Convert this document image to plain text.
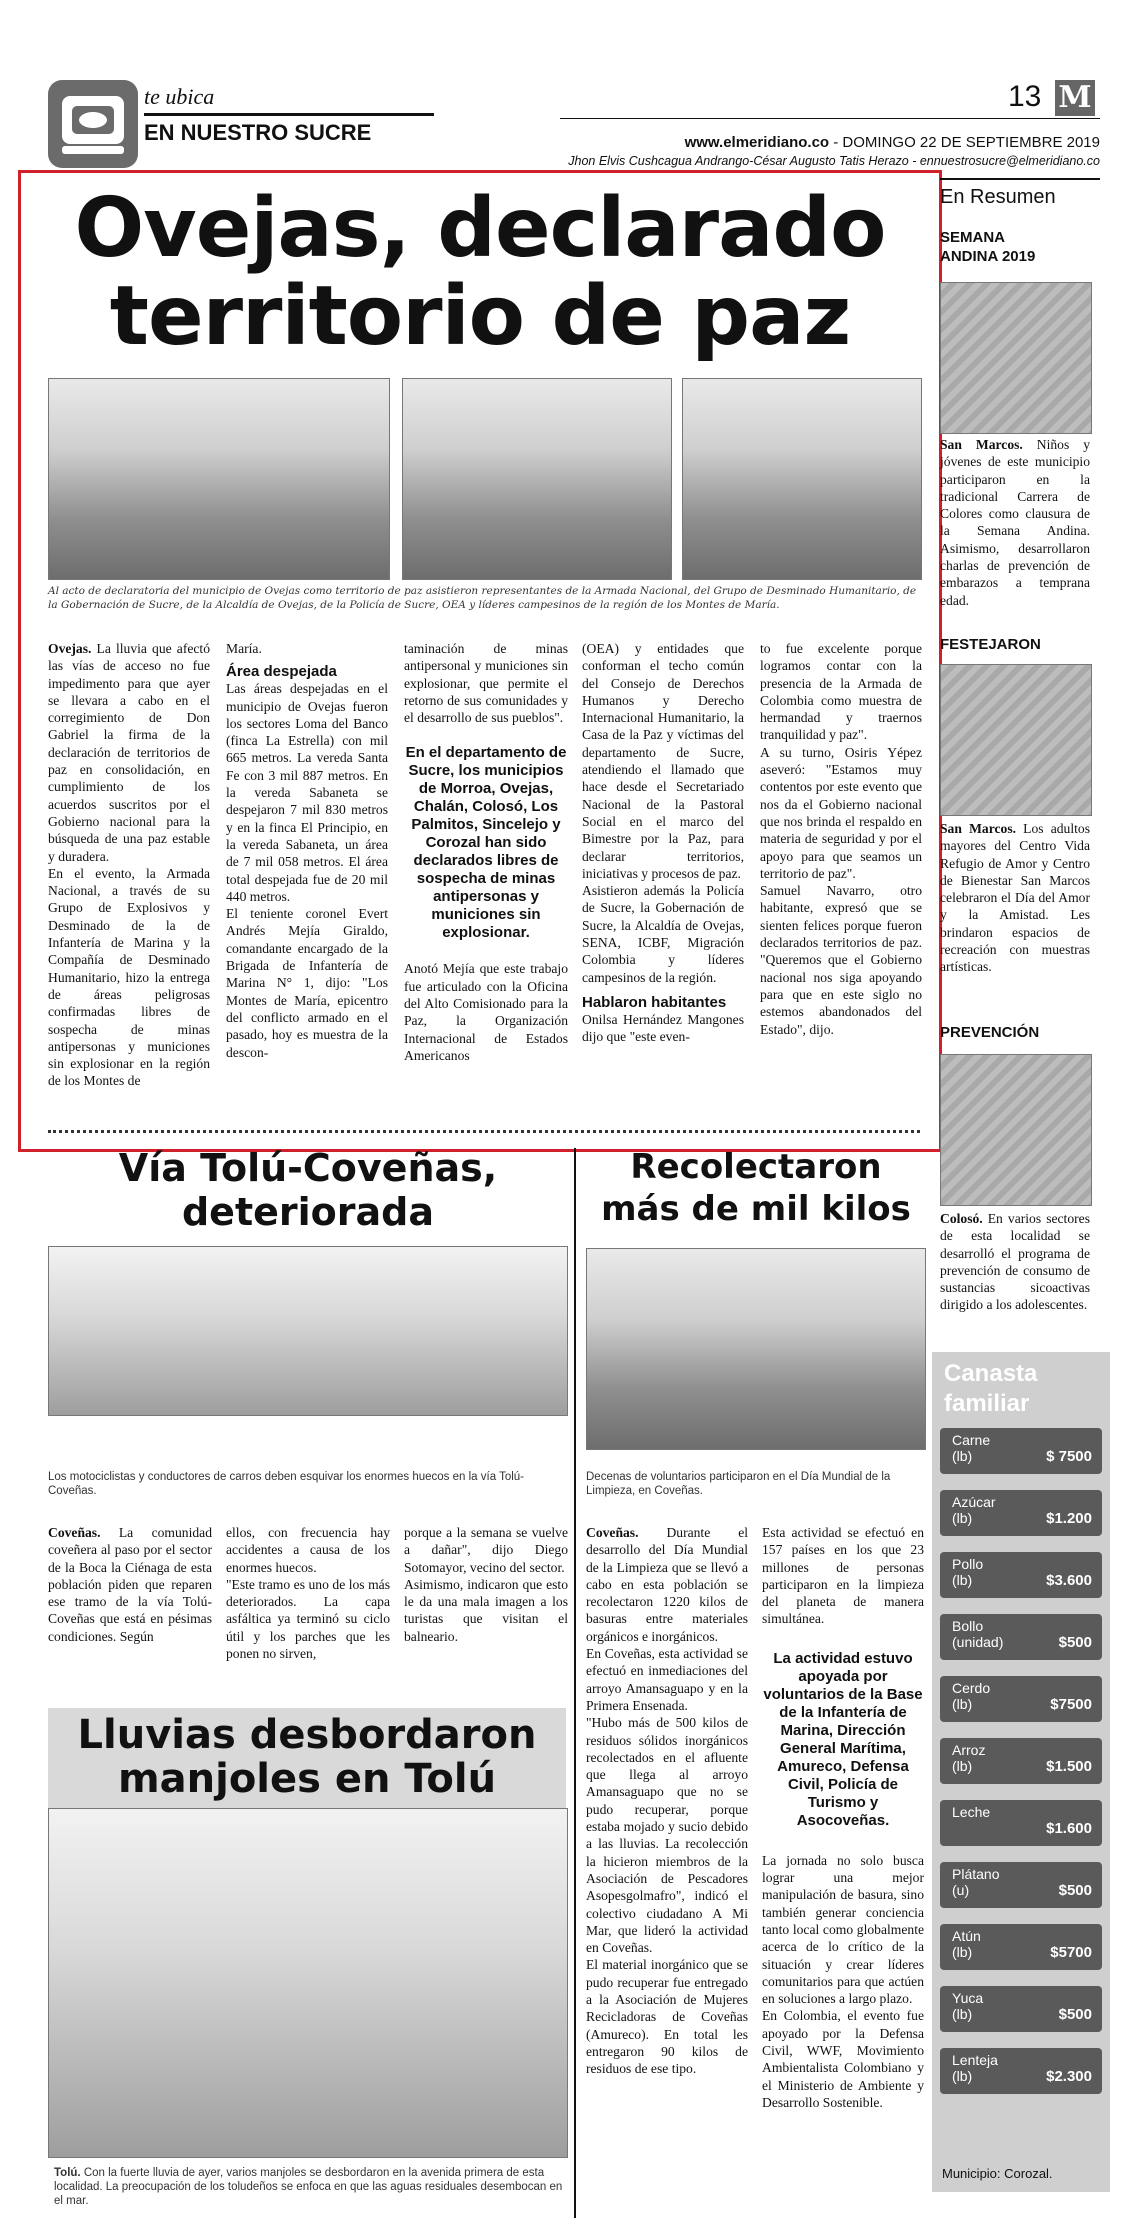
te ubica
EN NUESTRO SUCRE
13 M
www.elmeridiano.co - DOMINGO 22 DE SEPTIEMBRE 2019
Jhon Elvis Cushcagua Andrango-César Augusto Tatis Herazo - ennuestrosucre@elmeridiano.co
Ovejas, declarado
territorio de paz
Al acto de declaratoria del municipio de Ovejas como territorio de paz asistieron representantes de la Armada Nacional, del Grupo de Desminado Humanitario, de la Gobernación de Sucre, de la Alcaldía de Ovejas, de la Policía de Sucre, OEA y líderes campesinos de la región de los Montes de María.
Ovejas. La lluvia que afectó las vías de acceso no fue impedimento para que ayer se llevara a cabo en el corregimiento de Don Gabriel la firma de la declaración de territorios de paz en consolidación, en cumplimiento de los acuerdos suscritos por el Gobierno nacional para la búsqueda de una paz estable y duradera.
En el evento, la Armada Nacional, a través de su Grupo de Explosivos y Desminado de la de Infantería de Marina y la Compañía de Desminado Humanitario, hizo la entrega de áreas peligrosas confirmadas libres de sospecha de minas antipersonas y municiones sin explosionar en la región de los Montes de
María.
Área despejada
Las áreas despejadas en el municipio de Ovejas fueron los sectores Loma del Banco (finca La Estrella) con mil 665 metros. La vereda Santa Fe con 3 mil 887 metros. En la vereda Sabaneta se despejaron 7 mil 830 metros y en la finca El Principio, en la vereda Sabaneta, un área de 7 mil 058 metros. El área total despejada fue de 20 mil 440 metros.
El teniente coronel Evert Andrés Mejía Giraldo, comandante encargado de la Brigada de Infantería de Marina N° 1, dijo: "Los Montes de María, epicentro del conflicto armado en el pasado, hoy es muestra de la descon-
taminación de minas antipersonal y municiones sin explosionar, que permite el retorno de sus comunidades y el desarrollo de sus pueblos".
En el departamento de Sucre, los municipios de Morroa, Ovejas, Chalán, Colosó, Los Palmitos, Sincelejo y Corozal han sido declarados libres de sospecha de minas antipersonas y municiones sin explosionar.
Anotó Mejía que este trabajo fue articulado con la Oficina del Alto Comisionado para la Paz, la Organización Internacional de Estados Americanos
(OEA) y entidades que conforman el techo común del Consejo de Derechos Humanos y Derecho Internacional Humanitario, la Casa de la Paz y víctimas del departamento de Sucre, atendiendo el llamado que hace desde el Secretariado Nacional de la Pastoral Social en el marco del Bimestre por la Paz, para declarar territorios, iniciativas y procesos de paz.
Asistieron además la Policía de Sucre, la Gobernación de Sucre, la Alcaldía de Ovejas, SENA, ICBF, Migración Colombia y líderes campesinos de la región.
Hablaron habitantes
Onilsa Hernández Mangones dijo que "este even-
to fue excelente porque logramos contar con la presencia de la Armada de Colombia como muestra de hermandad y traernos tranquilidad y paz".
A su turno, Osiris Yépez aseveró: "Estamos muy contentos por este evento que nos da el Gobierno nacional que nos brinda el respaldo en materia de seguridad y por el apoyo para que seamos un territorio de paz".
Samuel Navarro, otro habitante, expresó que se sienten felices porque fueron declarados territorios de paz. "Queremos que el Gobierno nacional nos siga apoyando para que en este siglo no estemos abandonados del Estado", dijo.
En Resumen
SEMANA ANDINA 2019
San Marcos. Niños y jóvenes de este municipio participaron en la tradicional Carrera de Colores como clausura de la Semana Andina. Asimismo, desarrollaron charlas de prevención de embarazos a temprana edad.
FESTEJARON
San Marcos. Los adultos mayores del Centro Vida Refugio de Amor y Centro de Bienestar San Marcos celebraron el Día del Amor y la Amistad. Les brindaron espacios de recreación con muestras artísticas.
PREVENCIÓN
Colosó. En varios sectores de esta localidad se desarrolló el programa de prevención de consumo de sustancias sicoactivas dirigido a los adolescentes.
Canasta
familiar
Carne
(lb)	$ 7500
Azúcar
(lb)	$1.200
Pollo
(lb)	$3.600
Bollo
(unidad)	$500
Cerdo
(lb)	$7500
Arroz
(lb)	$1.500
Leche
$1.600
Plátano
(u)	$500
Atún
(lb)	$5700
Yuca
(lb)	$500
Lenteja
(lb)	$2.300
Municipio: Corozal.
Vía Tolú-Coveñas,
deteriorada
Los motociclistas y conductores de carros deben esquivar los enormes huecos en la vía Tolú-Coveñas.
Coveñas. La comunidad coveñera al paso por el sector de la Boca la Ciénaga de esta población piden que reparen ese tramo de la vía Tolú-Coveñas que está en pésimas condiciones. Según
ellos, con frecuencia hay accidentes a causa de los enormes huecos.
"Este tramo es uno de los más deteriorados. La capa asfáltica ya terminó su ciclo útil y los parches que les ponen no sirven,
porque a la semana se vuelve a dañar", dijo Diego Sotomayor, vecino del sector.
Asimismo, indicaron que esto le da una mala imagen a los turistas que visitan el balneario.
Recolectaron
más de mil kilos
Decenas de voluntarios participaron en el Día Mundial de la Limpieza, en Coveñas.
Coveñas. Durante el desarrollo del Día Mundial de la Limpieza que se llevó a cabo en esta población se recolectaron 1220 kilos de basuras entre materiales orgánicos e inorgánicos.
En Coveñas, esta actividad se efectuó en inmediaciones del arroyo Amansaguapo y en la Primera Ensenada.
"Hubo más de 500 kilos de residuos sólidos inorgánicos recolectados en el afluente que llega al arroyo Amansaguapo que no se pudo recuperar, porque estaba mojado y sucio debido a las lluvias. La recolección la hicieron miembros de la Asociación de Pescadores Asopesgolmafro", indicó el colectivo ciudadano A Mi Mar, que lideró la actividad en Coveñas.
El material inorgánico que se pudo recuperar fue entregado a la Asociación de Mujeres Recicladoras de Coveñas (Amureco). En total les entregaron 90 kilos de residuos de ese tipo.
Esta actividad se efectuó en 157 países en los que 23 millones de personas participaron en la limpieza del planeta de manera simultánea.
La actividad estuvo apoyada por voluntarios de la Base de la Infantería de Marina, Dirección General Marítima, Amureco, Defensa Civil, Policía de Turismo y Asocoveñas.
La jornada no solo busca lograr una mejor manipulación de basura, sino también generar conciencia tanto local como globalmente acerca de lo crítico de la situación y crear líderes comunitarios para que actúen en soluciones a largo plazo.
En Colombia, el evento fue apoyado por la Defensa Civil, WWF, Movimiento Ambientalista Colombiano y el Ministerio de Ambiente y Desarrollo Sostenible.
Lluvias desbordaron
manjoles en Tolú
Tolú. Con la fuerte lluvia de ayer, varios manjoles se desbordaron en la avenida primera de esta localidad. La preocupación de los toludeños se enfoca en que las aguas residuales desembocan en el mar.
